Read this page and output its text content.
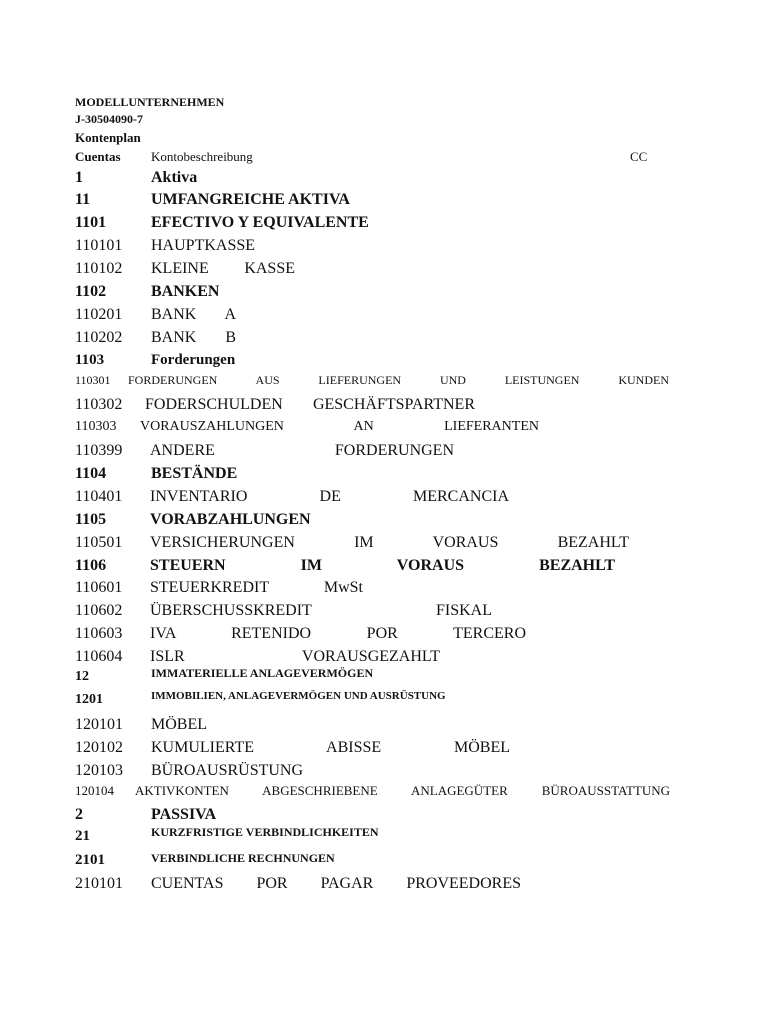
MODELLUNTERNEHMEN
J-30504090-7
Kontenplan
Cuentas	Kontobeschreibung	CC
1	Aktiva
11	UMFANGREICHE AKTIVA
1101	EFECTIVO Y EQUIVALENTE
110101	HAUPTKASSE
110102	KLEINE KASSE
1102	BANKEN
110201	BANK A
110202	BANK B
1103	Forderungen
110301	FORDERUNGEN AUS LIEFERUNGEN UND LEISTUNGEN KUNDEN
110302	FODERSCHULDEN GESCHÄFTSPARTNER
110303	VORAUSZAHLUNGEN AN LIEFERANTEN
110399	ANDERE FORDERUNGEN
1104	BESTÄNDE
110401	INVENTARIO DE MERCANCIA
1105	VORABZAHLUNGEN
110501	VERSICHERUNGEN IM VORAUS BEZAHLT
1106	STEUERN IM VORAUS BEZAHLT
110601	STEUERKREDIT MwSt
110602	ÜBERSCHUSSKREDIT FISKAL
110603	IVA RETENIDO POR TERCERO
110604	ISLR VORAUSGEZAHLT
12	IMMATERIELLE ANLAGEVERMÖGEN
1201	IMMOBILIEN, ANLAGEVERMÖGEN UND AUSRÜSTUNG
120101	MÖBEL
120102	KUMULIERTE ABISSE MÖBEL
120103	BÜROAUSRÜSTUNG
120104	AKTIVKONTEN ABGESCHRIEBENE ANLAGEGÜTER BÜROAUSSTATTUNG
2	PASSIVA
21	KURZFRISTIGE VERBINDLICHKEITEN
2101	VERBINDLICHE RECHNUNGEN
210101	CUENTAS POR PAGAR PROVEEDORES
